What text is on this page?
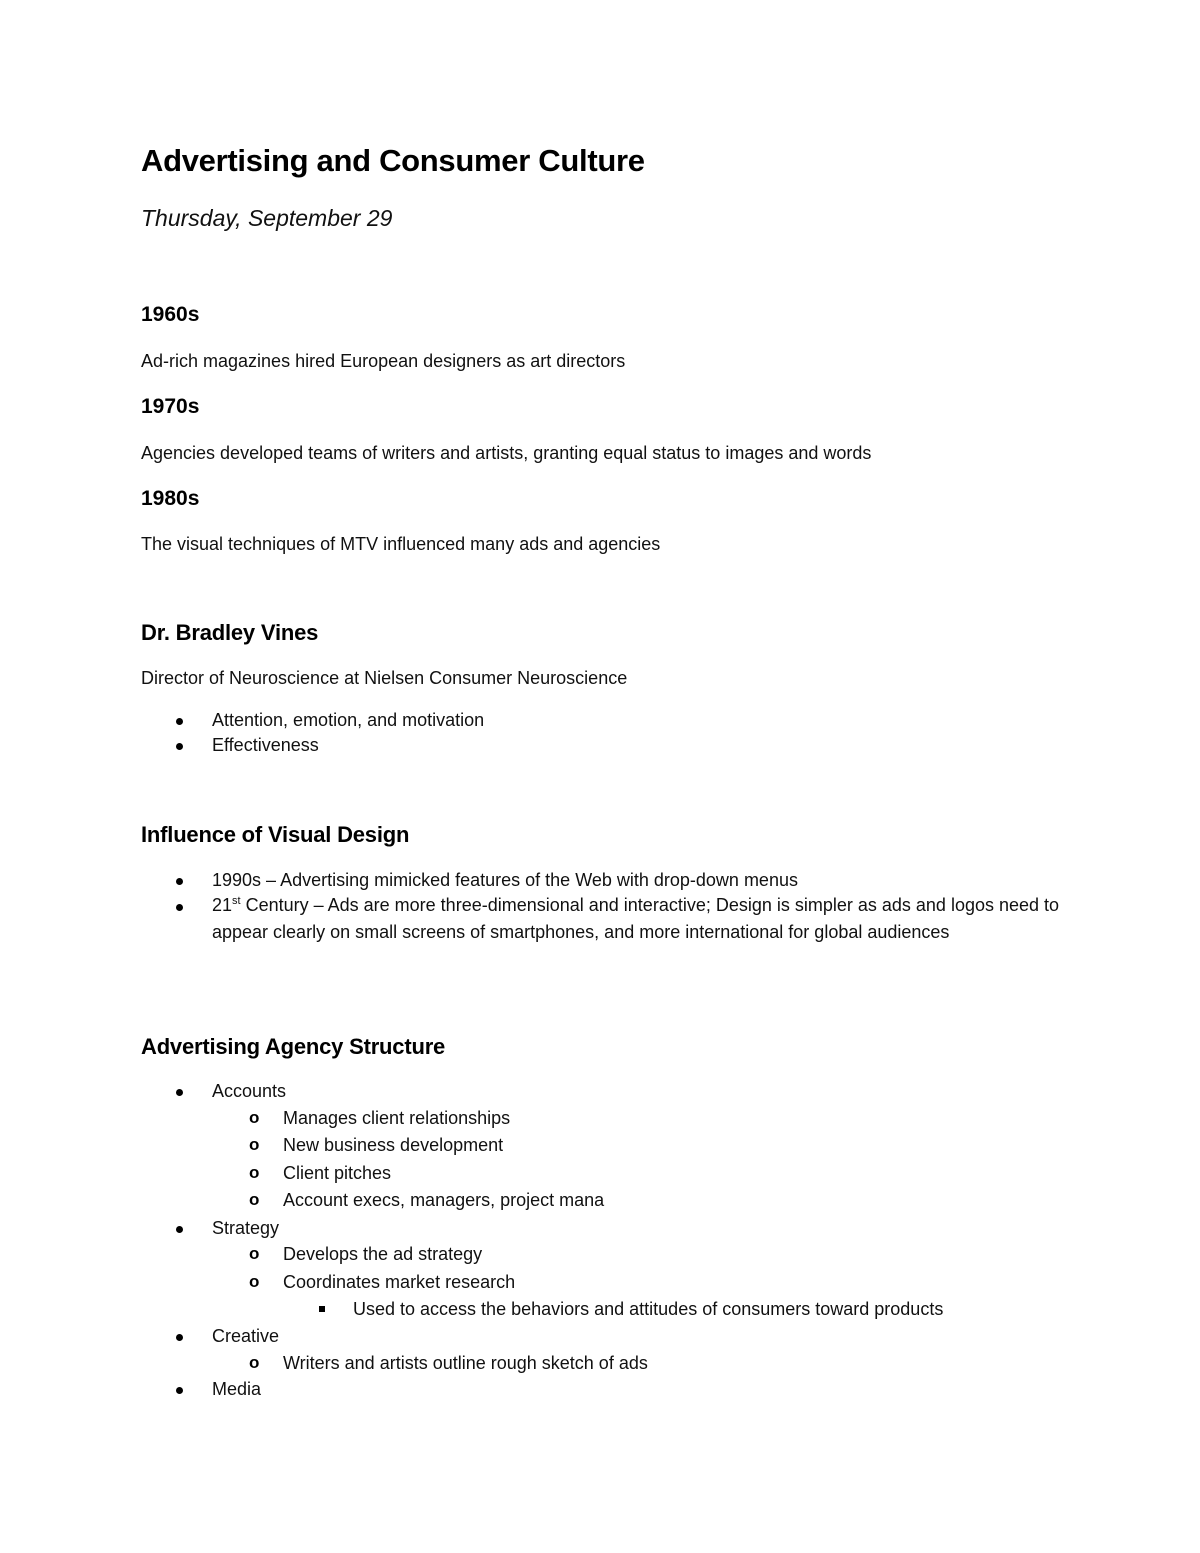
Advertising and Consumer Culture
Thursday, September 29
1960s
Ad-rich magazines hired European designers as art directors
1970s
Agencies developed teams of writers and artists, granting equal status to images and words
1980s
The visual techniques of MTV influenced many ads and agencies
Dr. Bradley Vines
Director of Neuroscience at Nielsen Consumer Neuroscience
Attention, emotion, and motivation
Effectiveness
Influence of Visual Design
1990s – Advertising mimicked features of the Web with drop-down menus
21st Century – Ads are more three-dimensional and interactive; Design is simpler as ads and logos need to appear clearly on small screens of smartphones, and more international for global audiences
Advertising Agency Structure
Accounts
o Manages client relationships
o New business development
o Client pitches
o Account execs, managers, project mana
Strategy
o Develops the ad strategy
o Coordinates market research
Used to access the behaviors and attitudes of consumers toward products
Creative
o Writers and artists outline rough sketch of ads
Media
